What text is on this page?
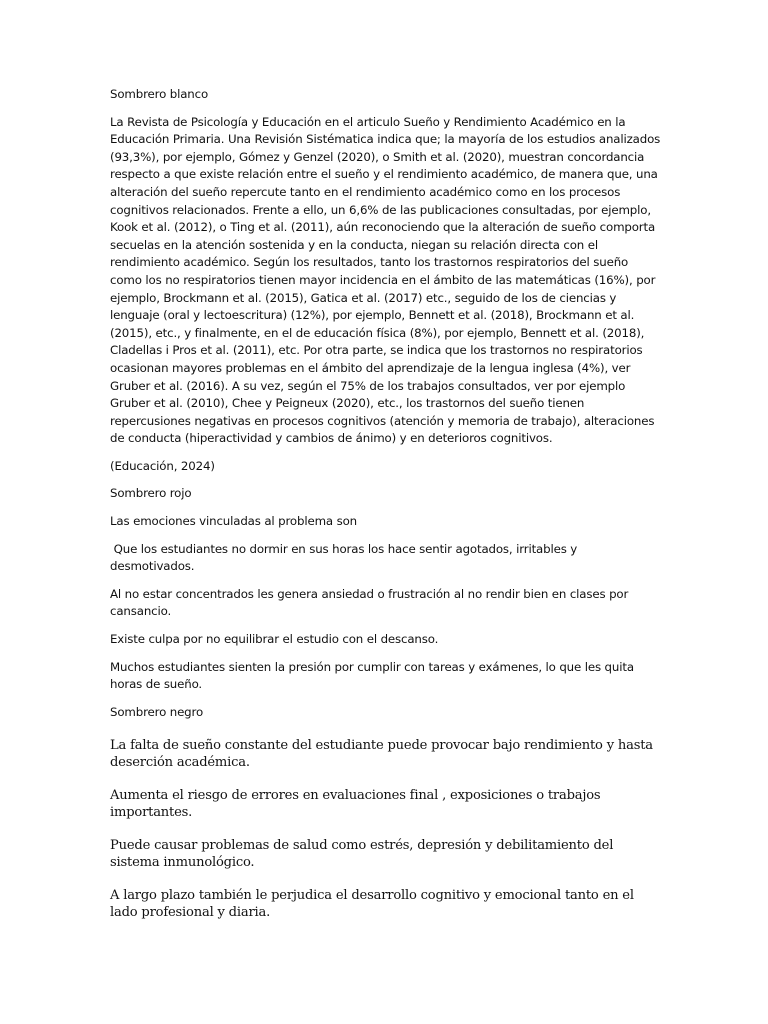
Sombrero blanco

La Revista de Psicología y Educación en el articulo Sueño y Rendimiento Académico en la Educación Primaria. Una Revisión Sistématica indica que; la mayoría de los estudios analizados (93,3%), por ejemplo, Gómez y Genzel (2020), o Smith et al. (2020), muestran concordancia respecto a que existe relación entre el sueño y el rendimiento académico, de manera que, una alteración del sueño repercute tanto en el rendimiento académico como en los procesos cognitivos relacionados. Frente a ello, un 6,6% de las publicaciones consultadas, por ejemplo, Kook et al. (2012), o Ting et al. (2011), aún reconociendo que la alteración de sueño comporta secuelas en la atención sostenida y en la conducta, niegan su relación directa con el rendimiento académico. Según los resultados, tanto los trastornos respiratorios del sueño como los no respiratorios tienen mayor incidencia en el ámbito de las matemáticas (16%), por ejemplo, Brockmann et al. (2015), Gatica et al. (2017) etc., seguido de los de ciencias y lenguaje (oral y lectoescritura) (12%), por ejemplo, Bennett et al. (2018), Brockmann et al. (2015), etc., y finalmente, en el de educación física (8%), por ejemplo, Bennett et al. (2018), Cladellas i Pros et al. (2011), etc. Por otra parte, se indica que los trastornos no respiratorios ocasionan mayores problemas en el ámbito del aprendizaje de la lengua inglesa (4%), ver Gruber et al. (2016). A su vez, según el 75% de los trabajos consultados, ver por ejemplo Gruber et al. (2010), Chee y Peigneux (2020), etc., los trastornos del sueño tienen repercusiones negativas en procesos cognitivos (atención y memoria de trabajo), alteraciones de conducta (hiperactividad y cambios de ánimo) y en deterioros cognitivos.

(Educación, 2024)

Sombrero rojo

Las emociones vinculadas al problema son

Que los estudiantes no dormir en sus horas los hace sentir agotados, irritables y desmotivados.

Al no estar concentrados les genera ansiedad o frustración al no rendir bien en clases por cansancio.

Existe culpa por no equilibrar el estudio con el descanso.

Muchos estudiantes sienten la presión por cumplir con tareas y exámenes, lo que les quita horas de sueño.

Sombrero negro

La falta de sueño constante del estudiante puede provocar bajo rendimiento y hasta deserción académica.

Aumenta el riesgo de errores en evaluaciones final , exposiciones o trabajos importantes.

Puede causar problemas de salud como estrés, depresión y debilitamiento del sistema inmunológico.

A largo plazo también le perjudica el desarrollo cognitivo y emocional tanto en el lado profesional y diaria.
